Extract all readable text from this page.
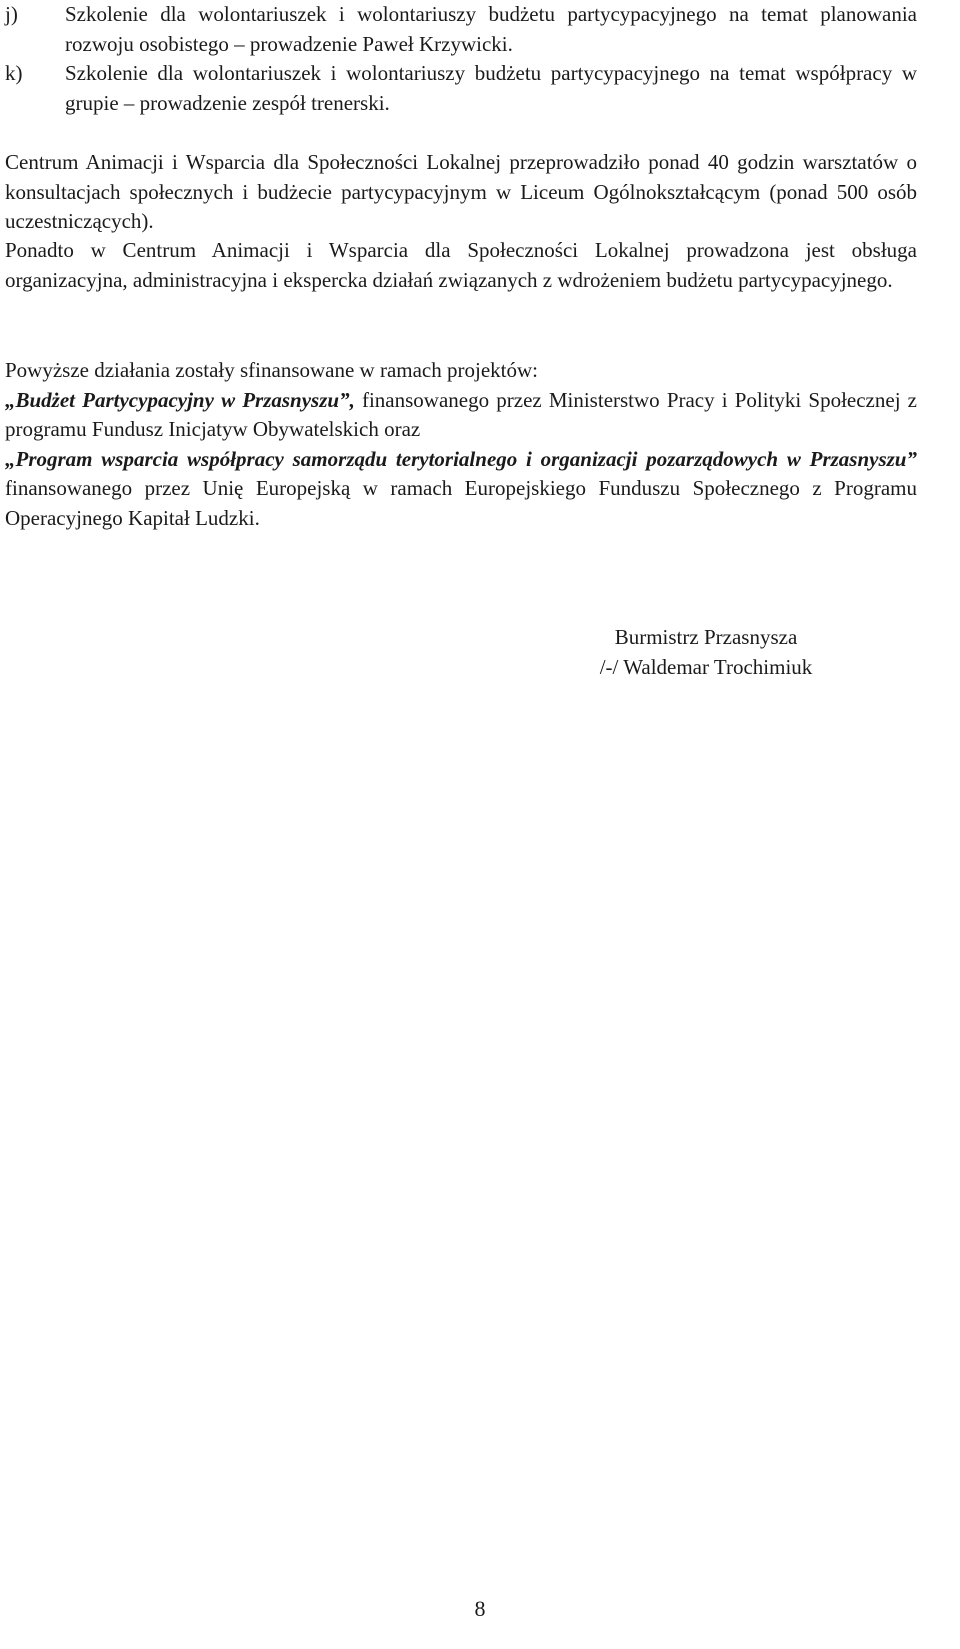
j) Szkolenie dla wolontariuszek i wolontariuszy budżetu partycypacyjnego na temat planowania rozwoju osobistego – prowadzenie Paweł Krzywicki.
k) Szkolenie dla wolontariuszek i wolontariuszy budżetu partycypacyjnego na temat współpracy w grupie – prowadzenie zespół trenerski.

Centrum Animacji i Wsparcia dla Społeczności Lokalnej przeprowadziło ponad 40 godzin warsztatów o konsultacjach społecznych i budżecie partycypacyjnym w Liceum Ogólnokształcącym (ponad 500 osób uczestniczących).

Ponadto w Centrum Animacji i Wsparcia dla Społeczności Lokalnej prowadzona jest obsługa organizacyjna, administracyjna i ekspercka działań związanych z wdrożeniem budżetu partycypacyjnego.

Powyższe działania zostały sfinansowane w ramach projektów:
„Budżet Partycypacyjny w Przasnyszu”, finansowanego przez Ministerstwo Pracy i Polityki Społecznej z programu Fundusz Inicjatyw Obywatelskich oraz
„Program wsparcia współpracy samorządu terytorialnego i organizacji pozarządowych w Przasnyszu” finansowanego przez Unię Europejską w ramach Europejskiego Funduszu Społecznego z Programu Operacyjnego Kapitał Ludzki.
Burmistrz Przasnysza
/-/ Waldemar Trochimiuk
8
